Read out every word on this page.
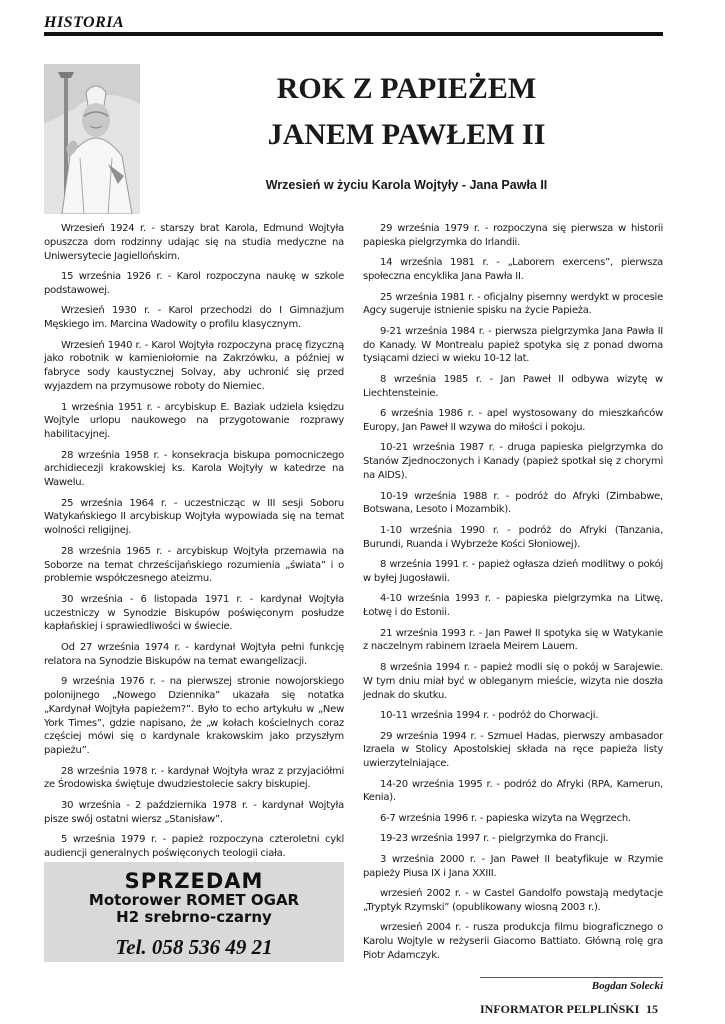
HISTORIA
ROK Z PAPIEŻEM
JANEM PAWŁEM II
Wrzesień w życiu Karola Wojtyły - Jana Pawła II

Wrzesień 1924 r. - starszy brat Karola, Edmund Wojtyła opuszcza dom rodzinny udając się na studia medyczne na Uniwersytecie Jagiellońskim.

15 września 1926 r. - Karol rozpoczyna naukę w szkole podstawowej.

Wrzesień 1930 r. - Karol przechodzi do I Gimnazjum Męskiego im. Marcina Wadowity o profilu klasycznym.

Wrzesień 1940 r. - Karol Wojtyła rozpoczyna pracę fizyczną jako robotnik w kamieniołomie na Zakrzówku, a później w fabryce sody kaustycznej Solvay, aby uchronić się przed wyjazdem na przymusowe roboty do Niemiec.

1 września 1951 r. - arcybiskup E. Baziak udziela księdzu Wojtyle urlopu naukowego na przygotowanie rozprawy habilitacyjnej.

28 września 1958 r. - konsekracja biskupa pomocniczego archidiecezji krakowskiej ks. Karola Wojtyły w katedrze na Wawelu.

25 września 1964 r. - uczestnicząc w III sesji Soboru Watykańskiego II arcybiskup Wojtyła wypowiada się na temat wolności religijnej.

28 września 1965 r. - arcybiskup Wojtyła przemawia na Soborze na temat chrześcijańskiego rozumienia „świata” i o problemie współczesnego ateizmu.

30 września - 6 listopada 1971 r. - kardynał Wojtyła uczestniczy w Synodzie Biskupów poświęconym posłudze kapłańskiej i sprawiedliwości w świecie.

Od 27 września 1974 r. - kardynał Wojtyła pełni funkcję relatora na Synodzie Biskupów na temat ewangelizacji.

9 września 1976 r. - na pierwszej stronie nowojorskiego polonijnego „Nowego Dziennika” ukazała się notatka „Kardynał Wojtyła papieżem?”. Było to echo artykułu w „New York Times”, gdzie napisano, że „w kołach kościelnych coraz częściej mówi się o kardynale krakowskim jako przyszłym papieżu”.

28 września 1978 r. - kardynał Wojtyła wraz z przyjaciółmi ze Środowiska świętuje dwudziestolecie sakry biskupiej.

30 września - 2 października 1978 r. - kardynał Wojtyła pisze swój ostatni wiersz „Stanisław”.

5 września 1979 r. - papież rozpoczyna czteroletni cykl audiencji generalnych poświęconych teologii ciała.

29 września 1979 r. - rozpoczyna się pierwsza w historii papieska pielgrzymka do Irlandii.

14 września 1981 r. - „Laborem exercens”, pierwsza społeczna encyklika Jana Pawła II.

25 września 1981 r. - oficjalny pisemny werdykt w procesie Agcy sugeruje istnienie spisku na życie Papieża.

9-21 września 1984 r. - pierwsza pielgrzymka Jana Pawła II do Kanady. W Montrealu papież spotyka się z ponad dwoma tysiącami dzieci w wieku 10-12 lat.

8 września 1985 r. - Jan Paweł II odbywa wizytę w Liechtensteinie.

6 września 1986 r. - apel wystosowany do mieszkańców Europy, Jan Paweł II wzywa do miłości i pokoju.

10-21 września 1987 r. - druga papieska pielgrzymka do Stanów Zjednoczonych i Kanady (papież spotkał się z chorymi na AIDS).

10-19 września 1988 r. - podróż do Afryki (Zimbabwe, Botswana, Lesoto i Mozambik).

1-10 września 1990 r. - podróż do Afryki (Tanzania, Burundi, Ruanda i Wybrzeże Kości Słoniowej).

8 września 1991 r. - papież ogłasza dzień modlitwy o pokój w byłej Jugosławii.

4-10 września 1993 r. - papieska pielgrzymka na Litwę, Łotwę i do Estonii.

21 września 1993 r. - Jan Paweł II spotyka się w Watykanie z naczelnym rabinem Izraela Meirem Lauem.

8 września 1994 r. - papież modli się o pokój w Sarajewie. W tym dniu miał być w obleganym mieście, wizyta nie doszła jednak do skutku.

10-11 września 1994 r. - podróż do Chorwacji.

29 września 1994 r. - Szmuel Hadas, pierwszy ambasador Izraela w Stolicy Apostolskiej składa na ręce papieża listy uwierzytelniające.

14-20 września 1995 r. - podróż do Afryki (RPA, Kamerun, Kenia).

6-7 września 1996 r. - papieska wizyta na Węgrzech.

19-23 września 1997 r. - pielgrzymka do Francji.

3 września 2000 r. - Jan Paweł II beatyfikuje w Rzymie papieży Piusa IX i Jana XXIII.

wrzesień 2002 r. - w Castel Gandolfo powstają medytacje „Tryptyk Rzymski” (opublikowany wiosną 2003 r.).

wrzesień 2004 r. - rusza produkcja filmu biograficznego o Karolu Wojtyle w reżyserii Giacomo Battiato. Główną rolę gra Piotr Adamczyk.

SPRZEDAM
Motorower ROMET OGAR
H2 srebrno-czarny
Tel. 058 536 49 21
Bogdan Solecki
INFORMATOR PELPLIŃSKI 15
